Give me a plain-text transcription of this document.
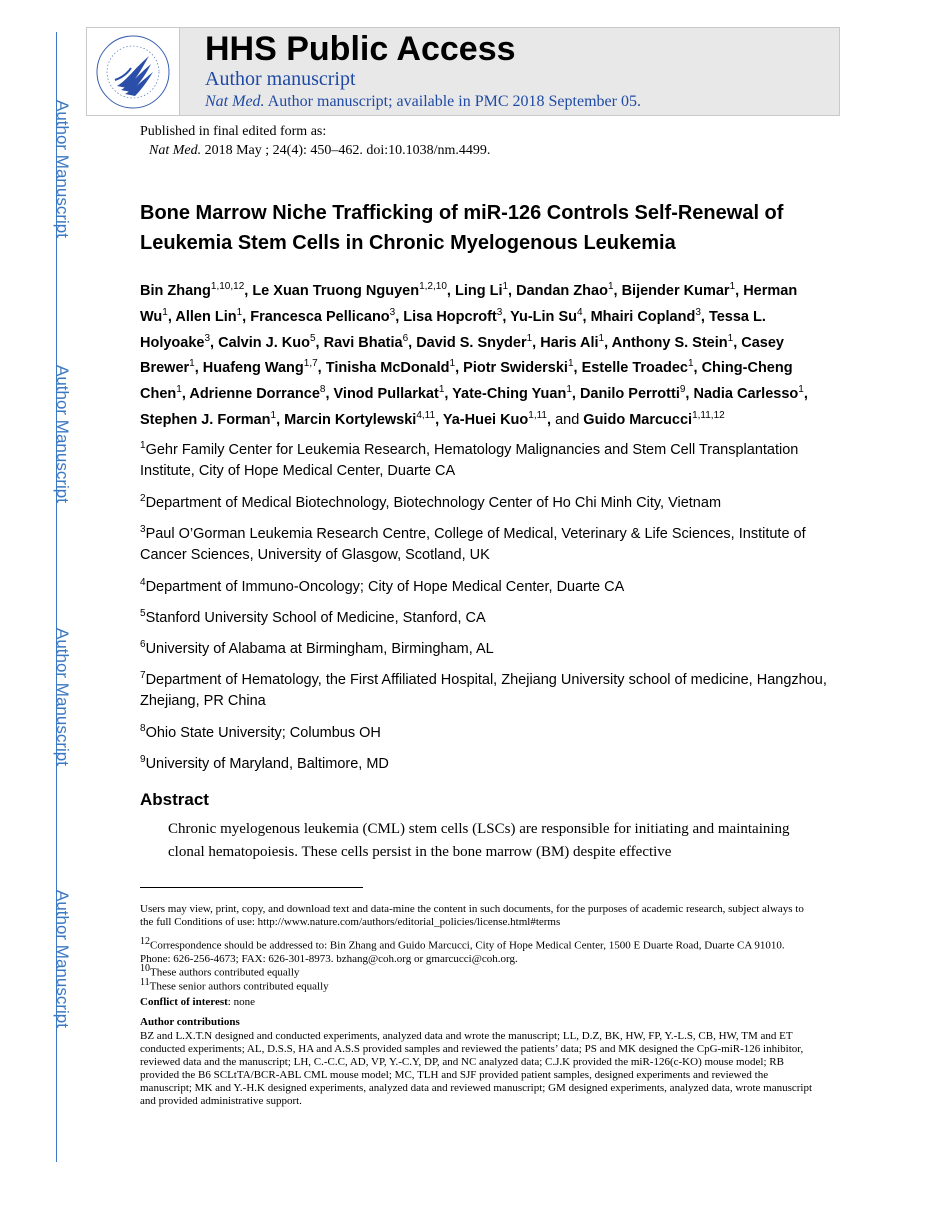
Author Manuscript
Author Manuscript
Author Manuscript
Author Manuscript
HHS Public Access
Author manuscript
Nat Med. Author manuscript; available in PMC 2018 September 05.
Published in final edited form as:
Nat Med. 2018 May ; 24(4): 450–462. doi:10.1038/nm.4499.
Bone Marrow Niche Trafficking of miR-126 Controls Self-Renewal of Leukemia Stem Cells in Chronic Myelogenous Leukemia
Bin Zhang$^{1,10,12}$, Le Xuan Truong Nguyen$^{1,2,10}$, Ling Li$^1$, Dandan Zhao$^1$, Bijender Kumar$^1$, Herman Wu$^1$, Allen Lin$^1$, Francesca Pellicano$^3$, Lisa Hopcroft$^3$, Yu-Lin Su$^4$, Mhairi Copland$^3$, Tessa L. Holyoake$^3$, Calvin J. Kuo$^5$, Ravi Bhatia$^6$, David S. Snyder$^1$, Haris Ali$^1$, Anthony S. Stein$^1$, Casey Brewer$^1$, Huafeng Wang$^{1,7}$, Tinisha McDonald$^1$, Piotr Swiderski$^1$, Estelle Troadec$^1$, Ching-Cheng Chen$^1$, Adrienne Dorrance$^8$, Vinod Pullarkat$^1$, Yate-Ching Yuan$^1$, Danilo Perrotti$^9$, Nadia Carlesso$^1$, Stephen J. Forman$^1$, Marcin Kortylewski$^{4,11}$, Ya-Huei Kuo$^{1,11}$, and Guido Marcucci$^{1,11,12}$
$^1$Gehr Family Center for Leukemia Research, Hematology Malignancies and Stem Cell Transplantation Institute, City of Hope Medical Center, Duarte CA
$^2$Department of Medical Biotechnology, Biotechnology Center of Ho Chi Minh City, Vietnam
$^3$Paul O’Gorman Leukemia Research Centre, College of Medical, Veterinary & Life Sciences, Institute of Cancer Sciences, University of Glasgow, Scotland, UK
$^4$Department of Immuno-Oncology; City of Hope Medical Center, Duarte CA
$^5$Stanford University School of Medicine, Stanford, CA
$^6$University of Alabama at Birmingham, Birmingham, AL
$^7$Department of Hematology, the First Affiliated Hospital, Zhejiang University school of medicine, Hangzhou, Zhejiang, PR China
$^8$Ohio State University; Columbus OH
$^9$University of Maryland, Baltimore, MD
Abstract
Chronic myelogenous leukemia (CML) stem cells (LSCs) are responsible for initiating and maintaining clonal hematopoiesis. These cells persist in the bone marrow (BM) despite effective
Users may view, print, copy, and download text and data-mine the content in such documents, for the purposes of academic research, subject always to the full Conditions of use: http://www.nature.com/authors/editorial_policies/license.html#terms
$^{12}$Correspondence should be addressed to: Bin Zhang and Guido Marcucci, City of Hope Medical Center, 1500 E Duarte Road, Duarte CA 91010. Phone: 626-256-4673; FAX: 626-301-8973. bzhang@coh.org or gmarcucci@coh.org.
$^{10}$These authors contributed equally
$^{11}$These senior authors contributed equally
Conflict of interest: none
Author contributions
BZ and L.X.T.N designed and conducted experiments, analyzed data and wrote the manuscript; LL, D.Z, BK, HW, FP, Y.-L.S, CB, HW, TM and ET conducted experiments; AL, D.S.S, HA and A.S.S provided samples and reviewed the patients’ data; PS and MK designed the CpG-miR-126 inhibitor, reviewed data and the manuscript; LH, C.-C.C, AD, VP, Y.-C.Y, DP, and NC analyzed data; C.J.K provided the miR-126(c-KO) mouse model; RB provided the B6 SCLtTA/BCR-ABL CML mouse model; MC, TLH and SJF provided patient samples, designed experiments and reviewed the manuscript; MK and Y.-H.K designed experiments, analyzed data and reviewed manuscript; GM designed experiments, analyzed data, wrote manuscript and provided administrative support.
